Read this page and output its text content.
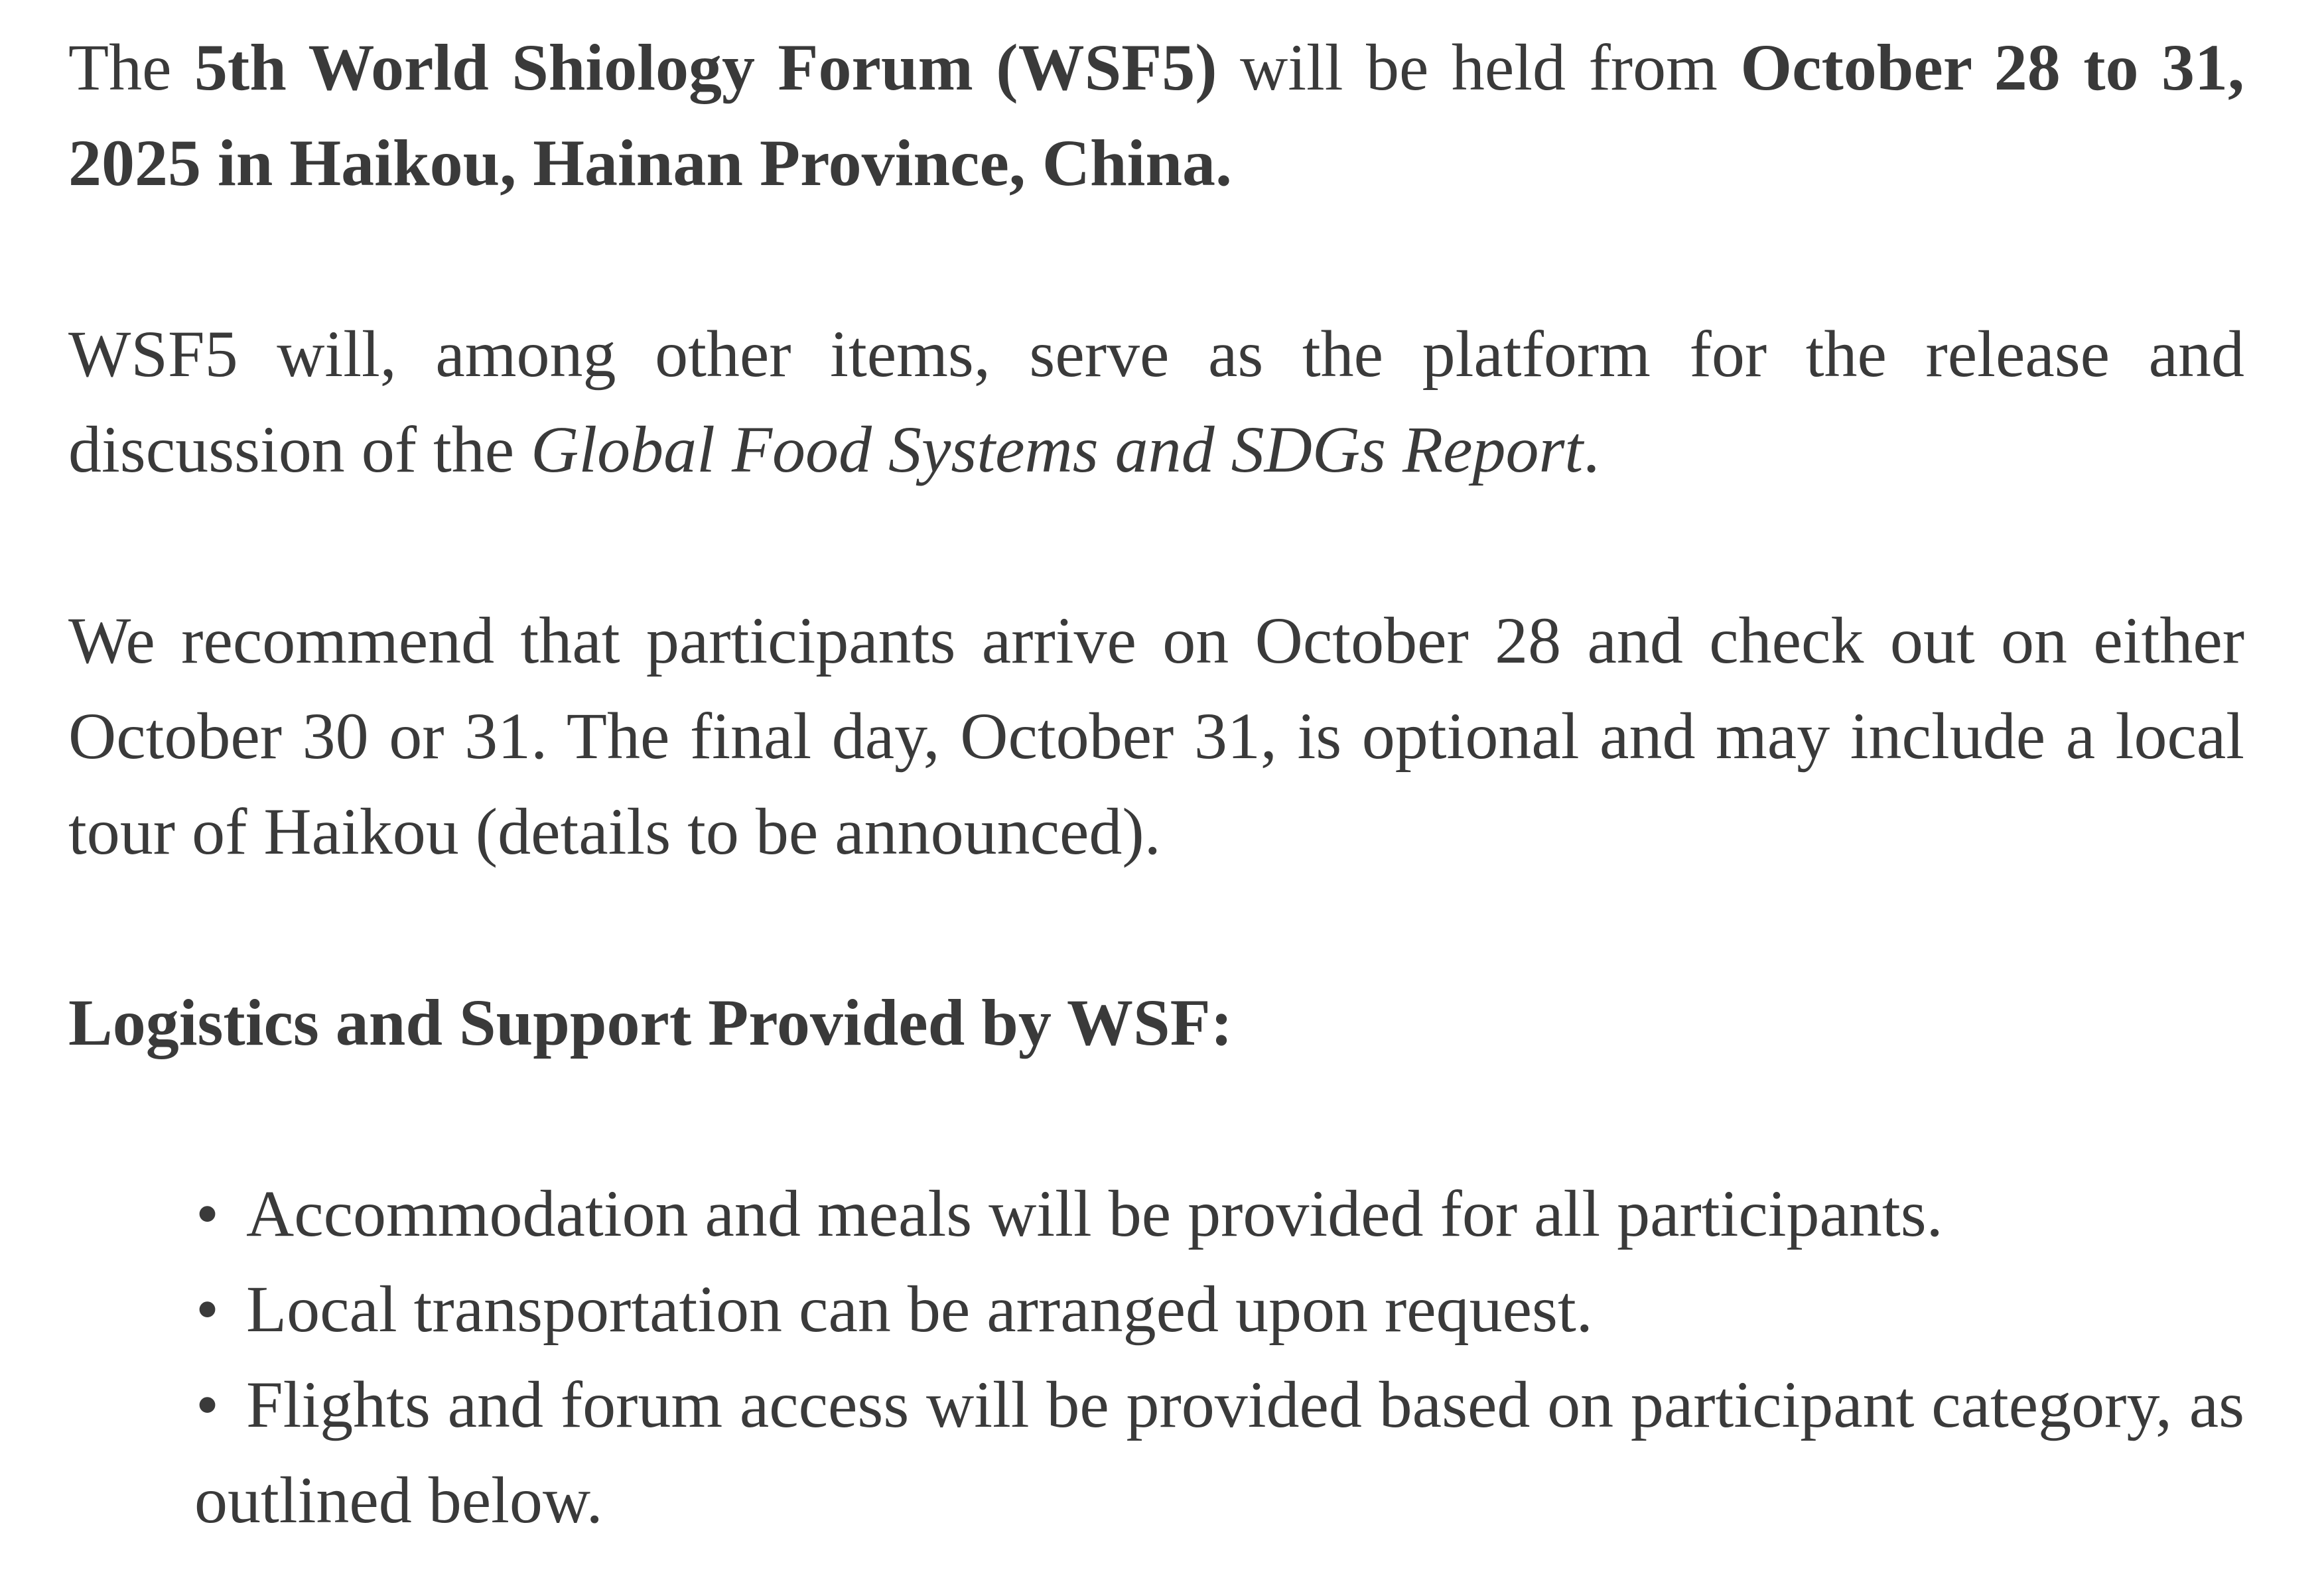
The 5th World Shiology Forum (WSF5) will be held from October 28 to 31, 2025 in Haikou, Hainan Province, China.

WSF5 will, among other items, serve as the platform for the release and discussion of the Global Food Systems and SDGs Report.

We recommend that participants arrive on October 28 and check out on either October 30 or 31. The final day, October 31, is optional and may include a local tour of Haikou (details to be announced).

Logistics and Support Provided by WSF:

• Accommodation and meals will be provided for all participants.
• Local transportation can be arranged upon request.
• Flights and forum access will be provided based on participant category, as outlined below.
